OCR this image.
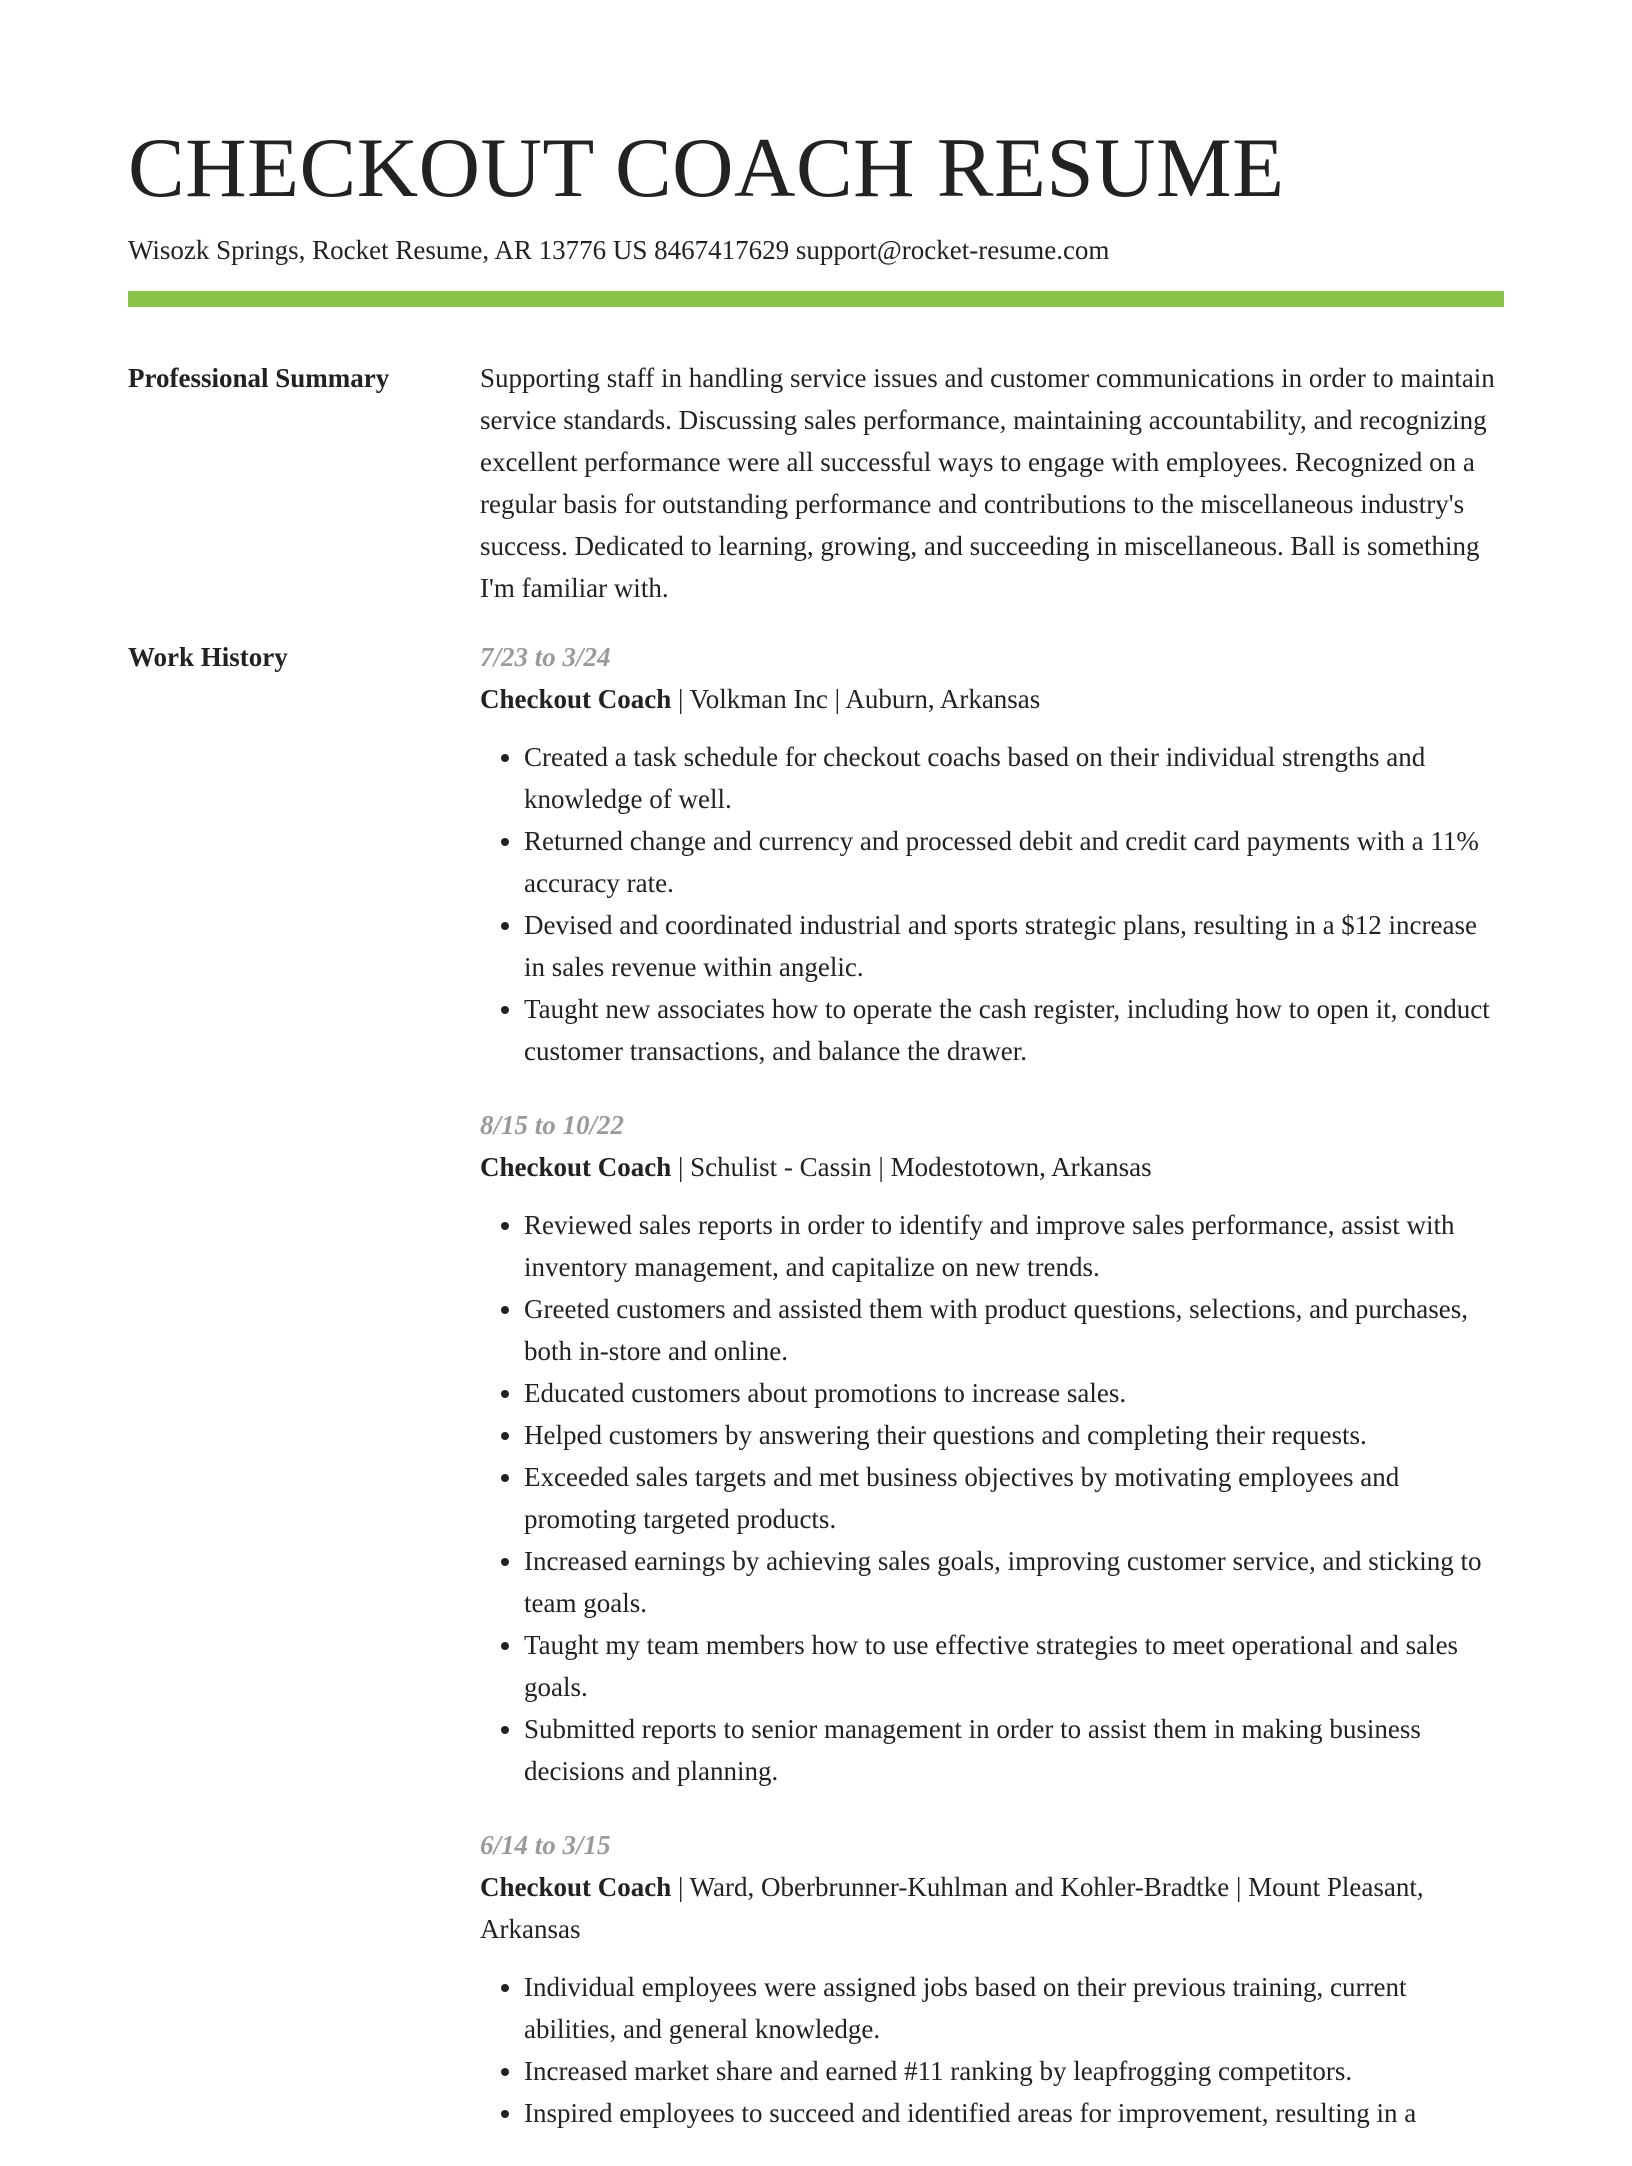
CHECKOUT COACH RESUME
Wisozk Springs, Rocket Resume, AR 13776 US 8467417629 support@rocket-resume.com
Professional Summary	Supporting staff in handling service issues and customer communications in order to maintain service standards. Discussing sales performance, maintaining accountability, and recognizing excellent performance were all successful ways to engage with employees. Recognized on a regular basis for outstanding performance and contributions to the miscellaneous industry's success. Dedicated to learning, growing, and succeeding in miscellaneous. Ball is something I'm familiar with.

Work History	7/23 to 3/24
Checkout Coach | Volkman Inc | Auburn, Arkansas
• Created a task schedule for checkout coachs based on their individual strengths and knowledge of well.
• Returned change and currency and processed debit and credit card payments with a 11% accuracy rate.
• Devised and coordinated industrial and sports strategic plans, resulting in a $12 increase in sales revenue within angelic.
• Taught new associates how to operate the cash register, including how to open it, conduct customer transactions, and balance the drawer.
8/15 to 10/22
Checkout Coach | Schulist - Cassin | Modestotown, Arkansas
• Reviewed sales reports in order to identify and improve sales performance, assist with inventory management, and capitalize on new trends.
• Greeted customers and assisted them with product questions, selections, and purchases, both in-store and online.
• Educated customers about promotions to increase sales.
• Helped customers by answering their questions and completing their requests.
• Exceeded sales targets and met business objectives by motivating employees and promoting targeted products.
• Increased earnings by achieving sales goals, improving customer service, and sticking to team goals.
• Taught my team members how to use effective strategies to meet operational and sales goals.
• Submitted reports to senior management in order to assist them in making business decisions and planning.
6/14 to 3/15
Checkout Coach | Ward, Oberbrunner-Kuhlman and Kohler-Bradtke | Mount Pleasant, Arkansas
• Individual employees were assigned jobs based on their previous training, current abilities, and general knowledge.
• Increased market share and earned #11 ranking by leapfrogging competitors.
• Inspired employees to succeed and identified areas for improvement, resulting in a
